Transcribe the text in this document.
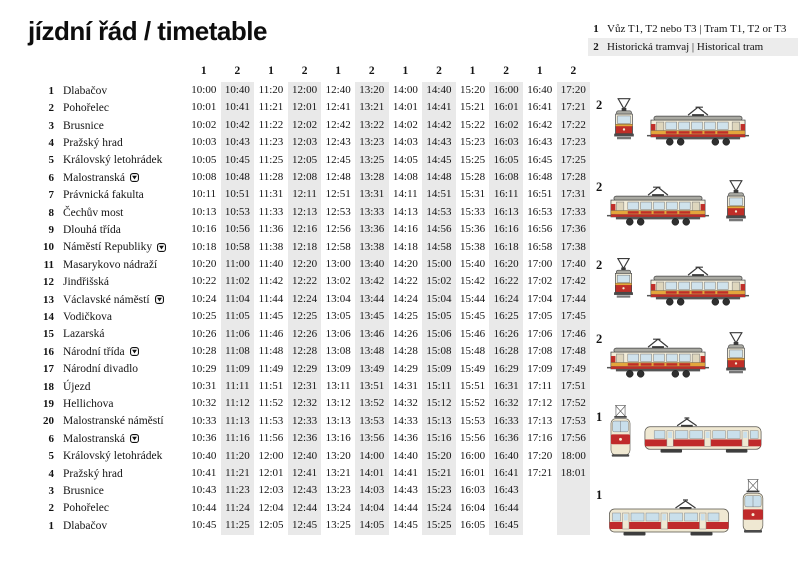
jízdní řád / timetable	1 Vůz T1, T2 nebo T3 | Tram T1, T2 or T3
2 Historická tramvaj | Historical tram
1	2	1	2	1	2	1	2	1	2	1	2
1 Dlabačov	10:00 10:40 11:20 12:00 12:40 13:20 14:00 14:40 15:20 16:00 16:40 17:20
2 Pohořelec	10:01 10:41 11:21 12:01 12:41 13:21 14:01 14:41 15:21 16:01 16:41 17:21
3 Brusnice	10:02 10:42 11:22 12:02 12:42 13:22 14:02 14:42 15:22 16:02 16:42 17:22
4 Pražský hrad	10:03 10:43 11:23 12:03 12:43 13:23 14:03 14:43 15:23 16:03 16:43 17:23
5 Královský letohrádek	10:05 10:45 11:25 12:05 12:45 13:25 14:05 14:45 15:25 16:05 16:45 17:25
6 Malostranská	10:08 10:48 11:28 12:08 12:48 13:28 14:08 14:48 15:28 16:08 16:48 17:28
7 Právnická fakulta	10:11 10:51 11:31 12:11 12:51 13:31 14:11 14:51 15:31 16:11 16:51 17:31
8 Čechův most	10:13 10:53 11:33 12:13 12:53 13:33 14:13 14:53 15:33 16:13 16:53 17:33
9 Dlouhá třída	10:16 10:56 11:36 12:16 12:56 13:36 14:16 14:56 15:36 16:16 16:56 17:36
10 Náměstí Republiky	10:18 10:58 11:38 12:18 12:58 13:38 14:18 14:58 15:38 16:18 16:58 17:38
11 Masarykovo nádraží	10:20 11:00 11:40 12:20 13:00 13:40 14:20 15:00 15:40 16:20 17:00 17:40
12 Jindřišská	10:22 11:02 11:42 12:22 13:02 13:42 14:22 15:02 15:42 16:22 17:02 17:42
13 Václavské náměstí	10:24 11:04 11:44 12:24 13:04 13:44 14:24 15:04 15:44 16:24 17:04 17:44
14 Vodičkova	10:25 11:05 11:45 12:25 13:05 13:45 14:25 15:05 15:45 16:25 17:05 17:45
15 Lazarská	10:26 11:06 11:46 12:26 13:06 13:46 14:26 15:06 15:46 16:26 17:06 17:46
16 Národní třída	10:28 11:08 11:48 12:28 13:08 13:48 14:28 15:08 15:48 16:28 17:08 17:48
17 Národní divadlo	10:29 11:09 11:49 12:29 13:09 13:49 14:29 15:09 15:49 16:29 17:09 17:49
18 Újezd	10:31 11:11 11:51 12:31 13:11 13:51 14:31 15:11 15:51 16:31 17:11 17:51
19 Hellichova	10:32 11:12 11:52 12:32 13:12 13:52 14:32 15:12 15:52 16:32 17:12 17:52
20 Malostranské náměstí	10:33 11:13 11:53 12:33 13:13 13:53 14:33 15:13 15:53 16:33 17:13 17:53
6 Malostranská	10:36 11:16 11:56 12:36 13:16 13:56 14:36 15:16 15:56 16:36 17:16 17:56
5 Královský letohrádek	10:40 11:20 12:00 12:40 13:20 14:00 14:40 15:20 16:00 16:40 17:20 18:00
4 Pražský hrad	10:41 11:21 12:01 12:41 13:21 14:01 14:41 15:21 16:01 16:41 17:21 18:01
3 Brusnice	10:43 11:23 12:03 12:43 13:23 14:03 14:43 15:23 16:03 16:43
2 Pohořelec	10:44 11:24 12:04 12:44 13:24 14:04 14:44 15:24 16:04 16:44
1 Dlabačov	10:45 11:25 12:05 12:45 13:25 14:05 14:45 15:25 16:05 16:45
2
2
2
2
1
1
